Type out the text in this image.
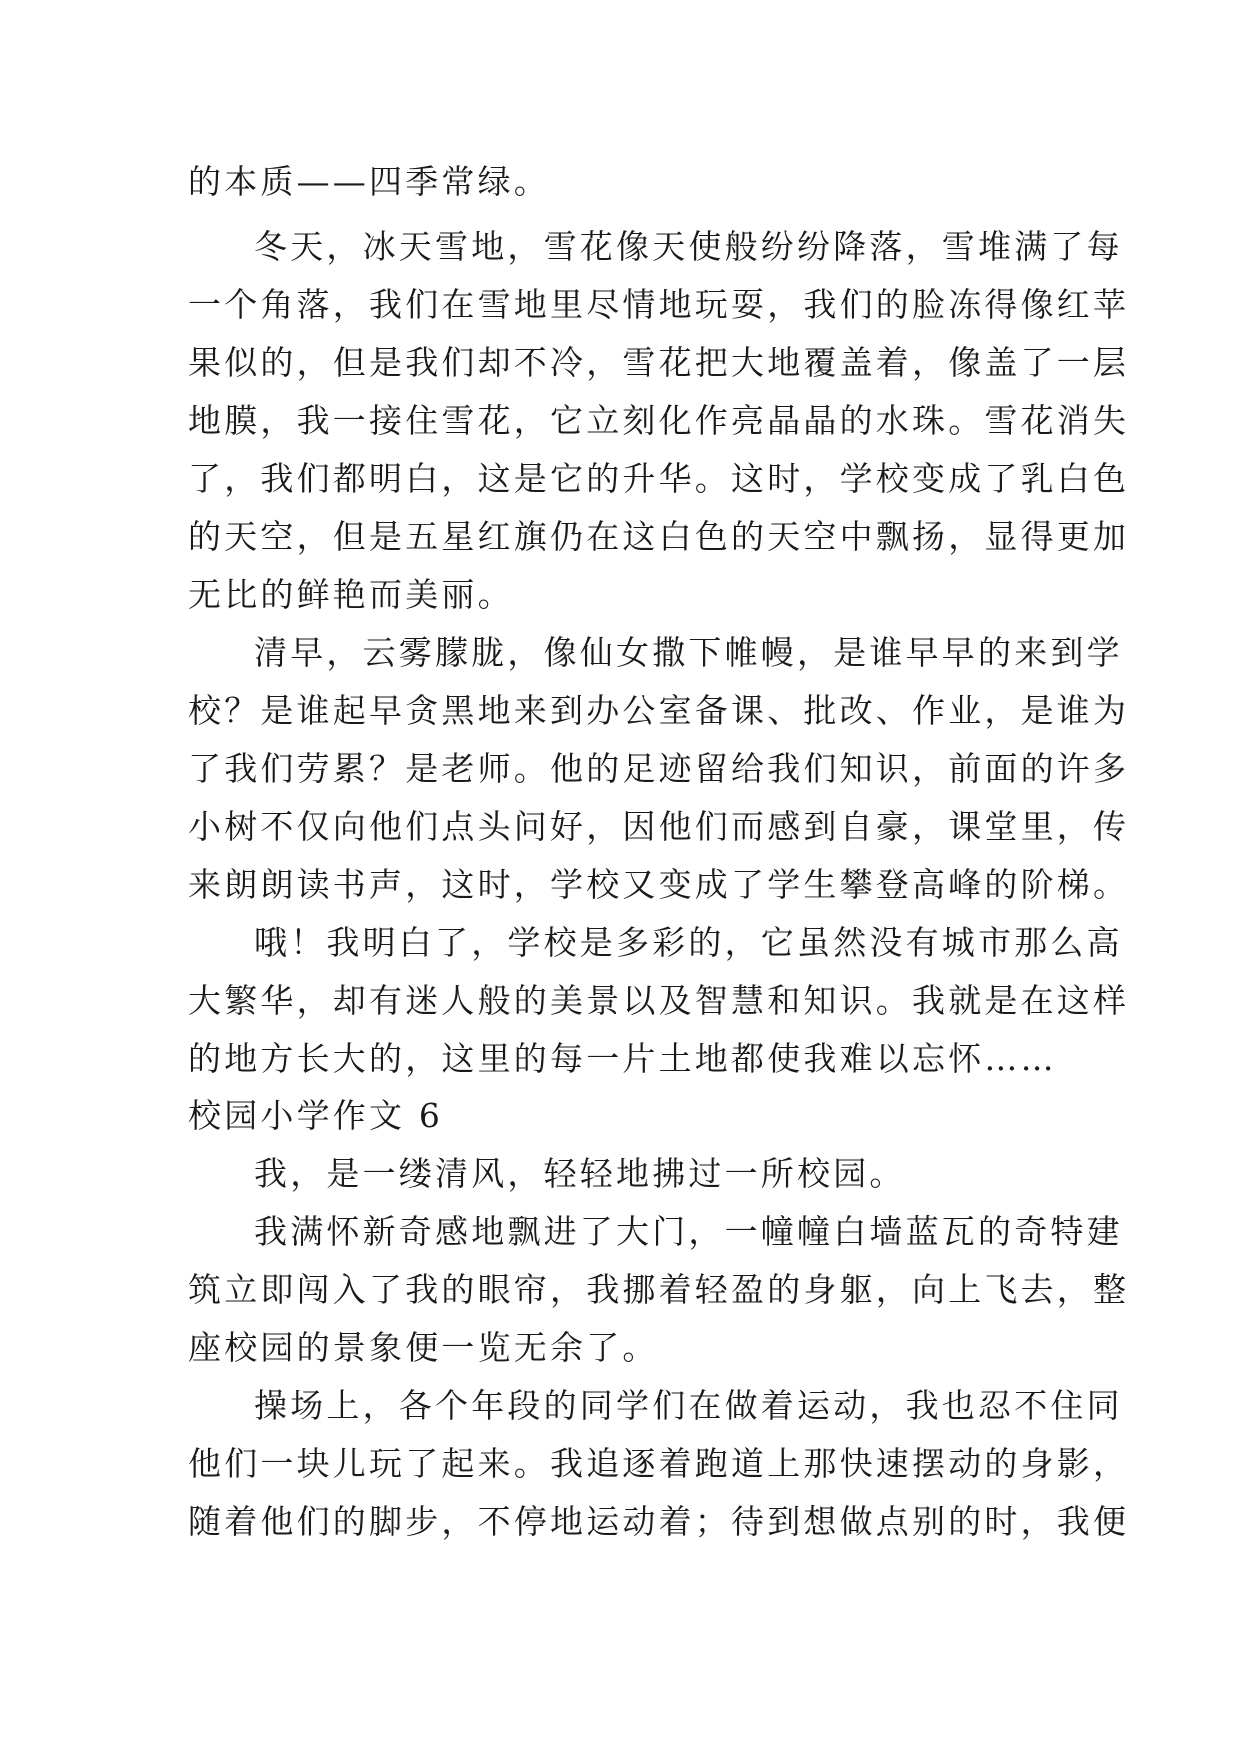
的本质——四季常绿。
冬天，冰天雪地，雪花像天使般纷纷降落，雪堆满了每
一个角落，我们在雪地里尽情地玩耍，我们的脸冻得像红苹
果似的，但是我们却不冷，雪花把大地覆盖着，像盖了一层
地膜，我一接住雪花，它立刻化作亮晶晶的水珠。雪花消失
了，我们都明白，这是它的升华。这时，学校变成了乳白色
的天空，但是五星红旗仍在这白色的天空中飘扬，显得更加
无比的鲜艳而美丽。
清早，云雾朦胧，像仙女撒下帷幔，是谁早早的来到学
校？是谁起早贪黑地来到办公室备课、批改、作业，是谁为
了我们劳累？是老师。他的足迹留给我们知识，前面的许多
小树不仅向他们点头问好，因他们而感到自豪，课堂里，传
来朗朗读书声，这时，学校又变成了学生攀登高峰的阶梯。
哦！我明白了，学校是多彩的，它虽然没有城市那么高
大繁华，却有迷人般的美景以及智慧和知识。我就是在这样
的地方长大的，这里的每一片土地都使我难以忘怀……
校园小学作文 6
我，是一缕清风，轻轻地拂过一所校园。
我满怀新奇感地飘进了大门，一幢幢白墙蓝瓦的奇特建
筑立即闯入了我的眼帘，我挪着轻盈的身躯，向上飞去，整
座校园的景象便一览无余了。
操场上，各个年段的同学们在做着运动，我也忍不住同
他们一块儿玩了起来。我追逐着跑道上那快速摆动的身影，
随着他们的脚步，不停地运动着；待到想做点别的时，我便
